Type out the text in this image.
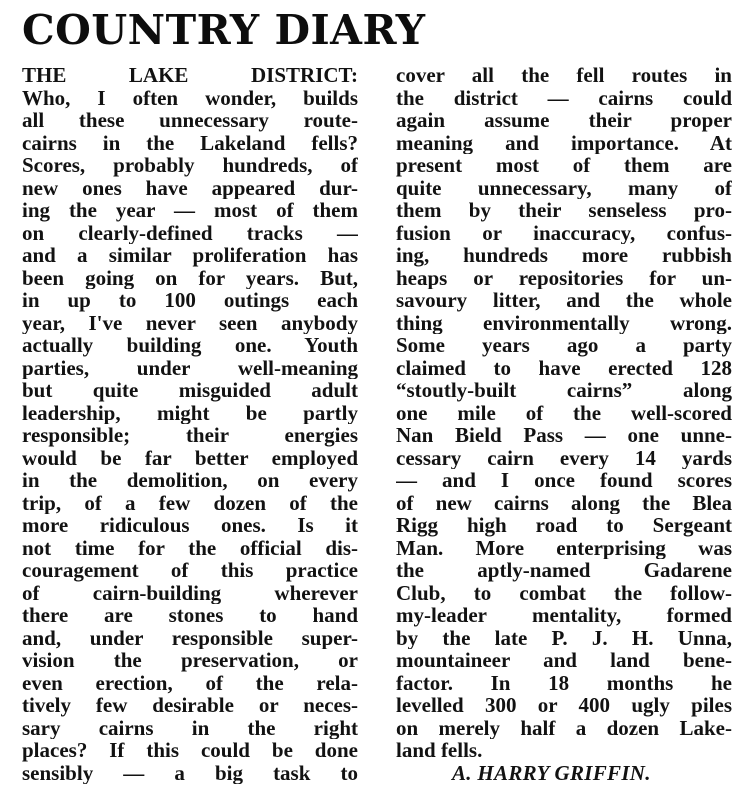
COUNTRY DIARY
THE LAKE DISTRICT:
Who, I often wonder, builds
all these unnecessary route-
cairns in the Lakeland fells?
Scores, probably hundreds, of
new ones have appeared dur-
ing the year — most of them
on clearly-defined tracks —
and a similar proliferation has
been going on for years. But,
in up to 100 outings each
year, I've never seen anybody
actually building one. Youth
parties, under well-meaning
but quite misguided adult
leadership, might be partly
responsible; their energies
would be far better employed
in the demolition, on every
trip, of a few dozen of the
more ridiculous ones. Is it
not time for the official dis-
couragement of this practice
of cairn-building wherever
there are stones to hand
and, under responsible super-
vision the preservation, or
even erection, of the rela-
tively few desirable or neces-
sary cairns in the right
places? If this could be done
sensibly — a big task to
cover all the fell routes in
the district — cairns could
again assume their proper
meaning and importance. At
present most of them are
quite unnecessary, many of
them by their senseless pro-
fusion or inaccuracy, confus-
ing, hundreds more rubbish
heaps or repositories for un-
savoury litter, and the whole
thing environmentally wrong.
Some years ago a party
claimed to have erected 128
“stoutly-built cairns” along
one mile of the well-scored
Nan Bield Pass — one unne-
cessary cairn every 14 yards
— and I once found scores
of new cairns along the Blea
Rigg high road to Sergeant
Man. More enterprising was
the aptly-named Gadarene
Club, to combat the follow-
my-leader mentality, formed
by the late P. J. H. Unna,
mountaineer and land bene-
factor. In 18 months he
levelled 300 or 400 ugly piles
on merely half a dozen Lake-
land fells.
A. HARRY GRIFFIN.
